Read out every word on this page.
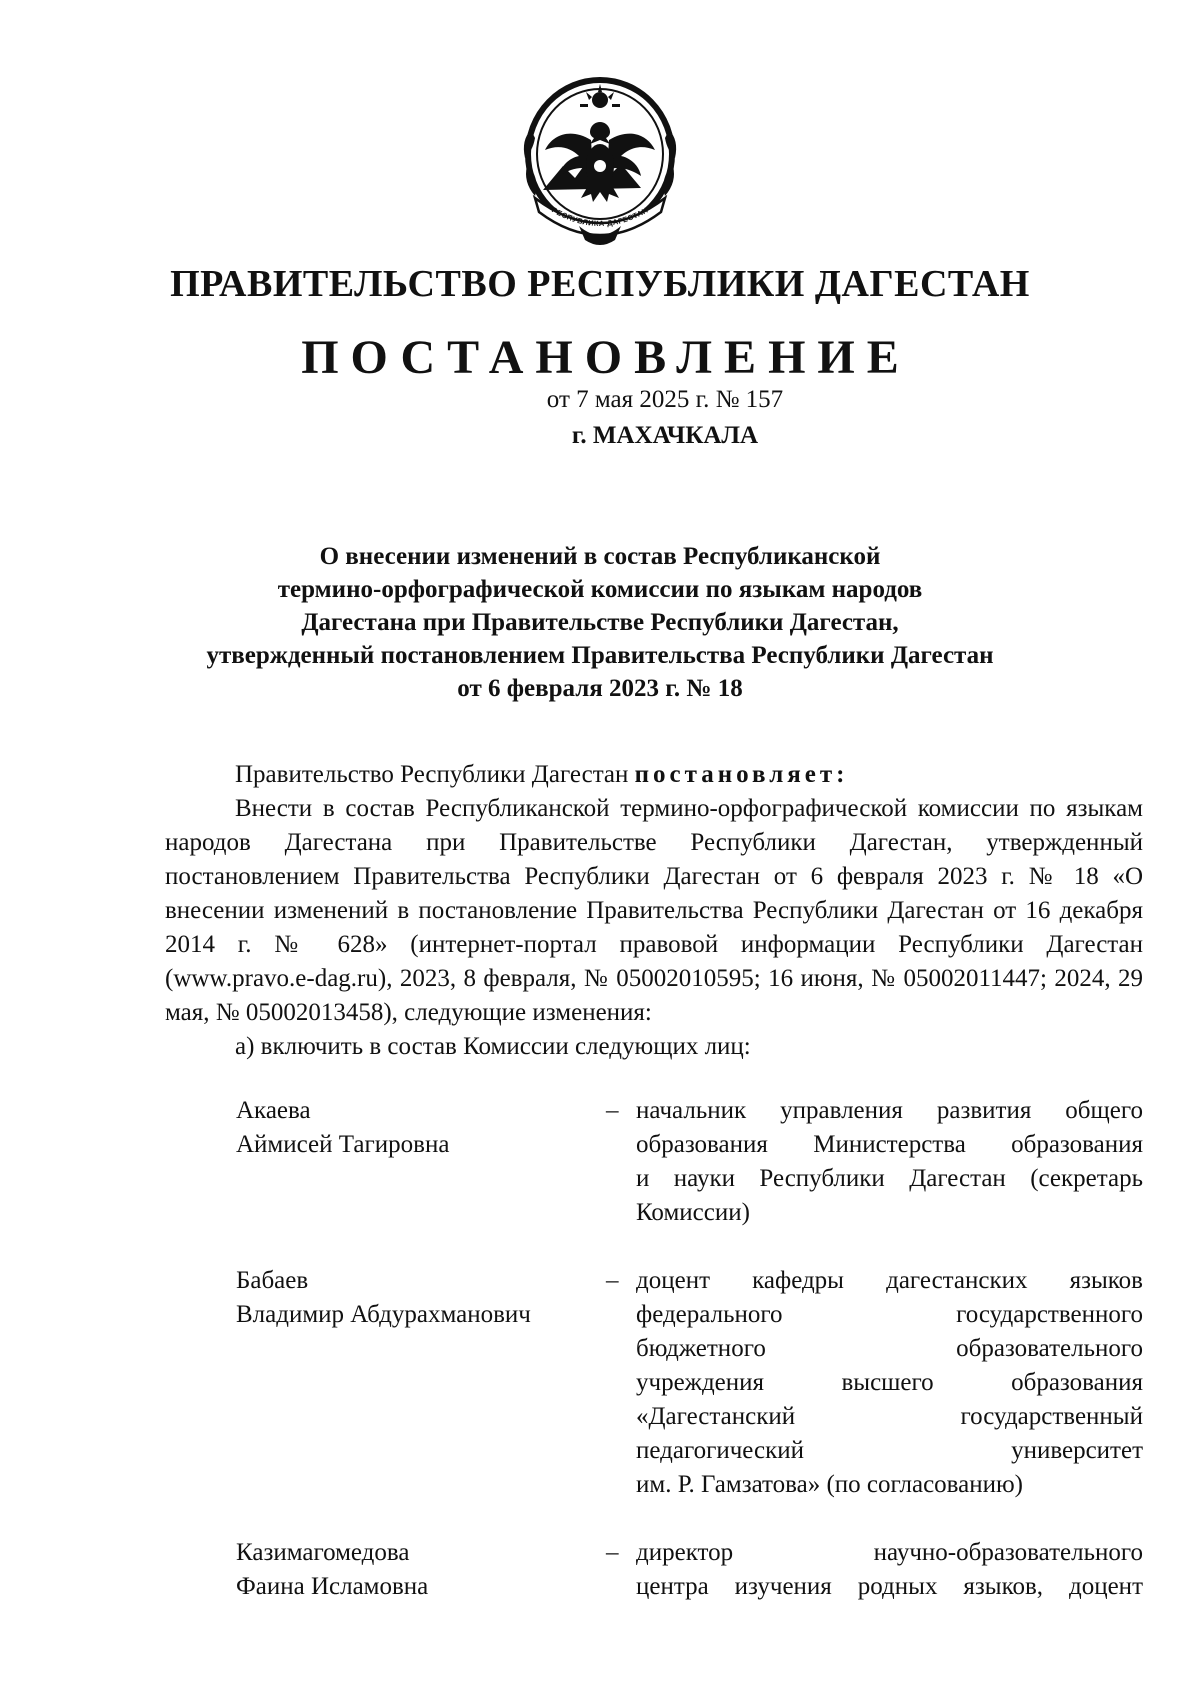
РЕСПУБЛИКА ДАГЕСТАН
ПРАВИТЕЛЬСТВО РЕСПУБЛИКИ ДАГЕСТАН
ПОСТАНОВЛЕНИЕ
от 7 мая 2025 г. № 157
г. МАХАЧКАЛА
О внесении изменений в состав Республиканской
термино-орфографической комиссии по языкам народов
Дагестана при Правительстве Республики Дагестан,
утвержденный постановлением Правительства Республики Дагестан
от 6 февраля 2023 г. № 18

Правительство Республики Дагестан постановляет:

Внести в состав Республиканской термино-орфографической комиссии по языкам народов Дагестана при Правительстве Республики Дагестан, утвержденный постановлением Правительства Республики Дагестан от 6 февраля 2023 г. № 18 «О внесении изменений в постановление Правительства Республики Дагестан от 16 декабря 2014 г. № 628» (интернет-портал правовой информации Республики Дагестан (www.pravo.e-dag.ru), 2023, 8 февраля, № 05002010595; 16 июня, № 05002011447; 2024, 29 мая, № 05002013458), следующие изменения:

а) включить в состав Комиссии следующих лиц:

Акаева
Аймисей Тагировна
– начальник управления развития общего
образования Министерства образования
и науки Республики Дагестан (секретарь
Комиссии)
Бабаев
Владимир Абдурахманович
– доцент кафедры дагестанских языков
федерального государственного
бюджетного образовательного
учреждения высшего образования
«Дагестанский государственный
педагогический университет
им. Р. Гамзатова» (по согласованию)
Казимагомедова
Фаина Исламовна
– директор научно-образовательного
центра изучения родных языков, доцент
